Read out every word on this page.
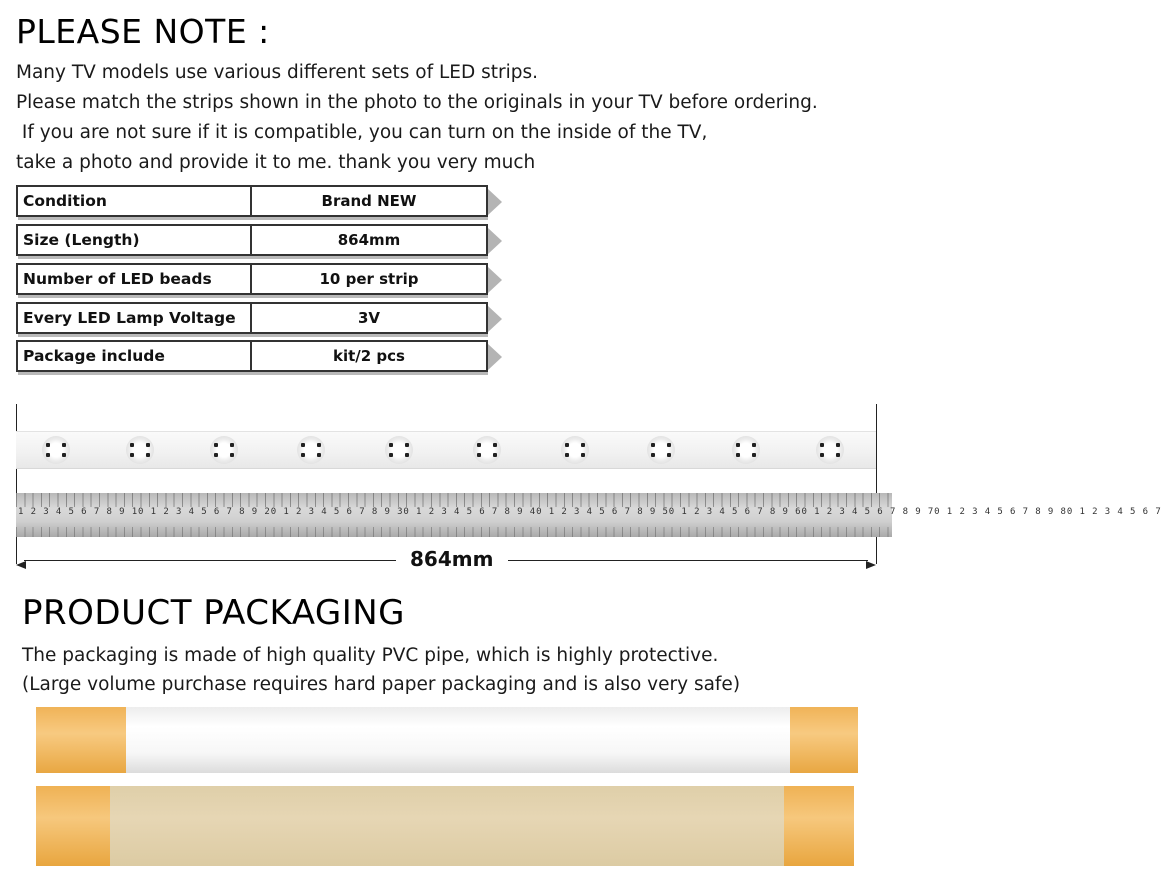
PLEASE NOTE :
Many TV models use various different sets of LED strips.
Please match the strips shown in the photo to the originals in your TV before ordering.
If you are not sure if it is compatible, you can turn on the inside of the TV,
take a photo and provide it to me. thank you very much
Condition	Brand NEW
Size (Length)	864mm
Number of LED beads	10 per strip
Every LED Lamp Voltage	3V
Package include	kit/2 pcs
1 2 3 4 5 6 7 8 9 10 1 2 3 4 5 6 7 8 9 20 1 2 3 4 5 6 7 8 9 30 1 2 3 4 5 6 7 8 9 40 1 2 3 4 5 6 7 8 9 50 1 2 3 4 5 6 7 8 9 60 1 2 3 4 5 6 7 8 9 70 1 2 3 4 5 6 7 8 9 80 1 2 3 4 5 6 7
864mm
PRODUCT PACKAGING
The packaging is made of high quality PVC pipe, which is highly protective.
(Large volume purchase requires hard paper packaging and is also very safe)
